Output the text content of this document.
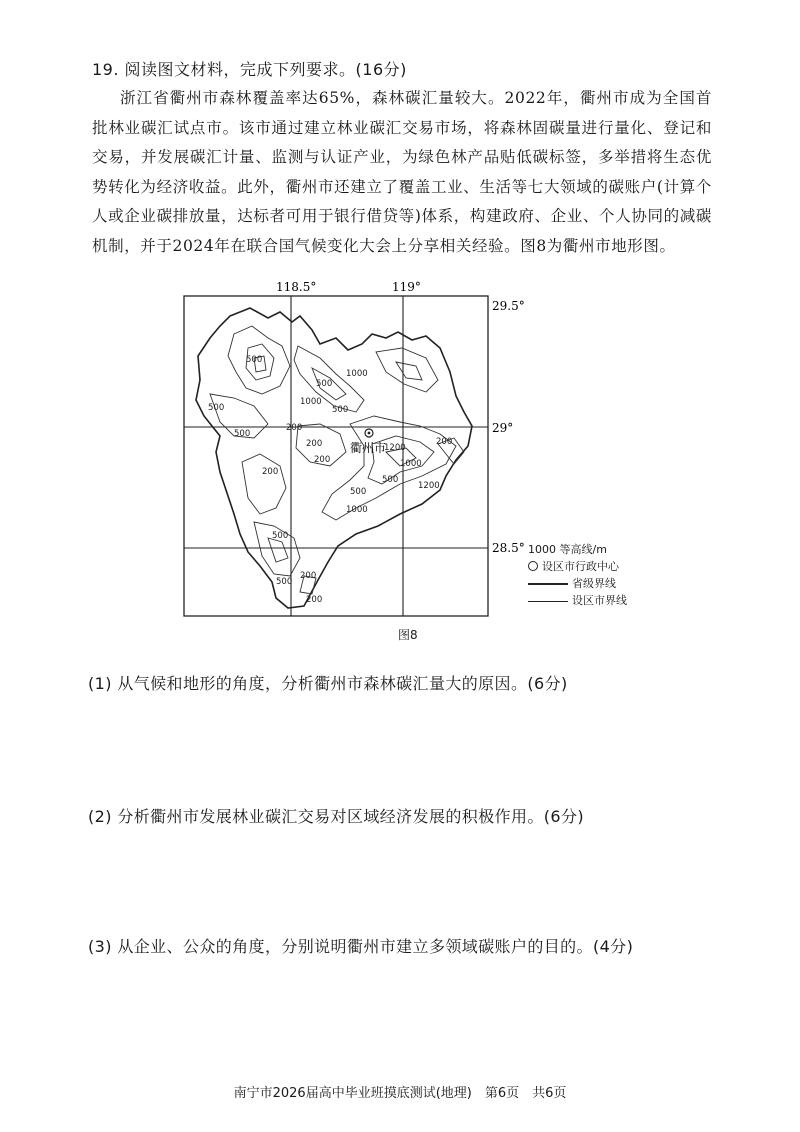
19. 阅读图文材料，完成下列要求。(16分)
浙江省衢州市森林覆盖率达65%，森林碳汇量较大。2022年，衢州市成为全国首批林业碳汇试点市。该市通过建立林业碳汇交易市场，将森林固碳量进行量化、登记和交易，并发展碳汇计量、监测与认证产业，为绿色林产品贴低碳标签，多举措将生态优势转化为经济收益。此外，衢州市还建立了覆盖工业、生活等七大领域的碳账户(计算个人或企业碳排放量，达标者可用于银行借贷等)体系，构建政府、企业、个人协同的减碳机制，并于2024年在联合国气候变化大会上分享相关经验。图8为衢州市地形图。
118.5°	119°
29.5°
29°
28.5°
500
500
1000
500
1000
500
500
200
200
200
200
500
1000
1200
1200
200
500
1000
500
200
500
200
衢州市
1000 等高线/m
设区市行政中心
省级界线
设区市界线
图8
(1) 从气候和地形的角度，分析衢州市森林碳汇量大的原因。(6分)
(2) 分析衢州市发展林业碳汇交易对区域经济发展的积极作用。(6分)
(3) 从企业、公众的角度，分别说明衢州市建立多领域碳账户的目的。(4分)
南宁市2026届高中毕业班摸底测试(地理)　第6页　共6页
